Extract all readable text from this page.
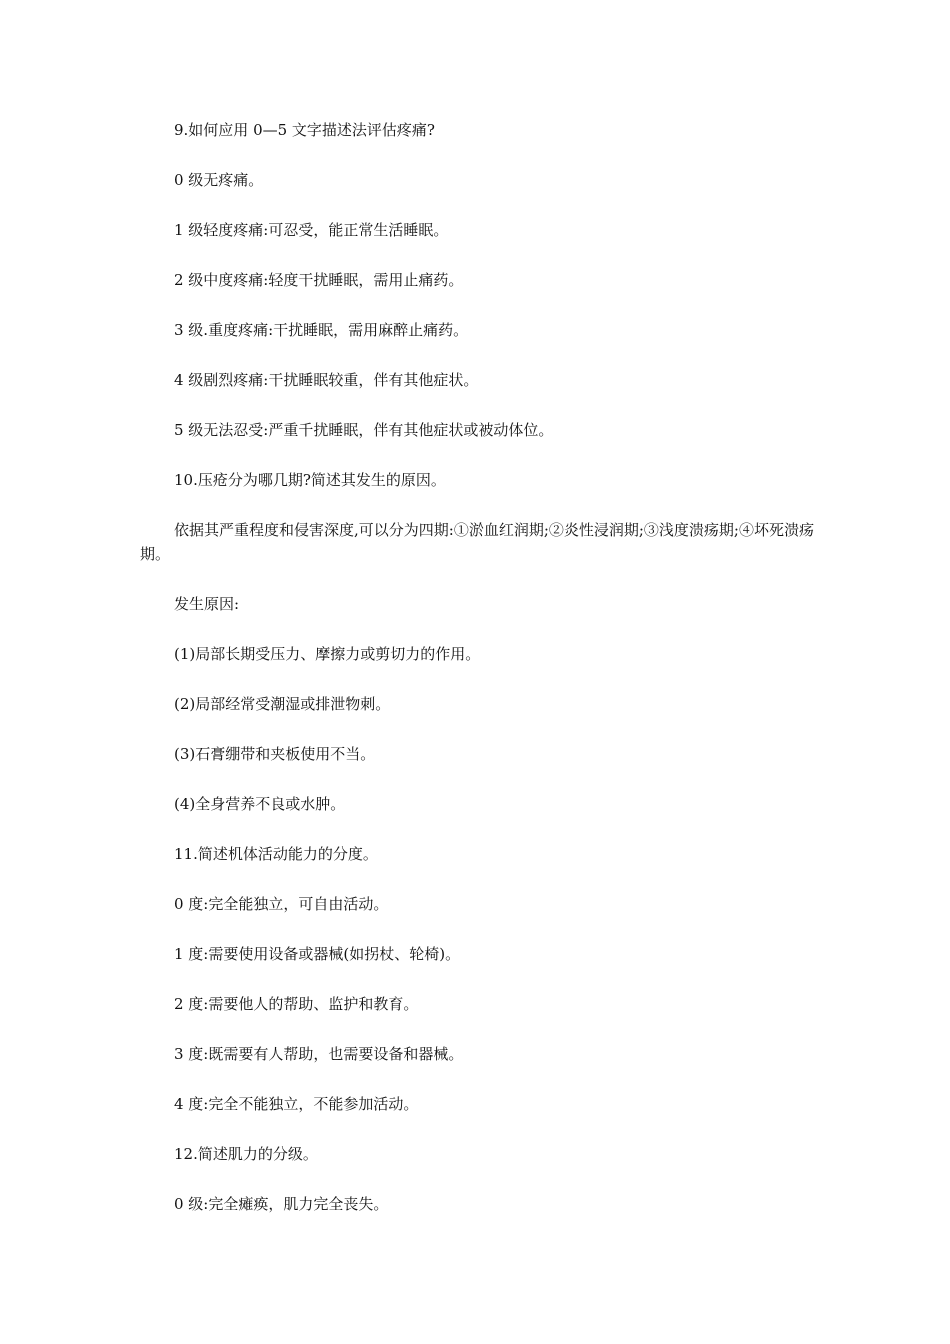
9.如何应用 0—5 文字描述法评估疼痛?

0 级无疼痛。

1 级轻度疼痛:可忍受，能正常生活睡眠。

2 级中度疼痛:轻度干扰睡眠，需用止痛药。

3 级.重度疼痛:干扰睡眠，需用麻醉止痛药。

4 级剧烈疼痛:干扰睡眠较重，伴有其他症状。

5 级无法忍受:严重千扰睡眠，伴有其他症状或被动体位。

10.压疮分为哪几期?简述其发生的原因。

依据其严重程度和侵害深度,可以分为四期:①淤血红润期;②炎性浸润期;③浅度溃疡期;④坏死溃疡期。

发生原因:

(1)局部长期受压力、摩擦力或剪切力的作用。

(2)局部经常受潮湿或排泄物刺。

(3)石膏绷带和夹板使用不当。

(4)全身营养不良或水肿。

11.简述机体活动能力的分度。

0 度:完全能独立，可自由活动。

1 度:需要使用设备或器械(如拐杖、轮椅)。

2 度:需要他人的帮助、监护和教育。

3 度:既需要有人帮助，也需要设备和器械。

4 度:完全不能独立，不能参加活动。

12.简述肌力的分级。

0 级:完全瘫痪，肌力完全丧失。
